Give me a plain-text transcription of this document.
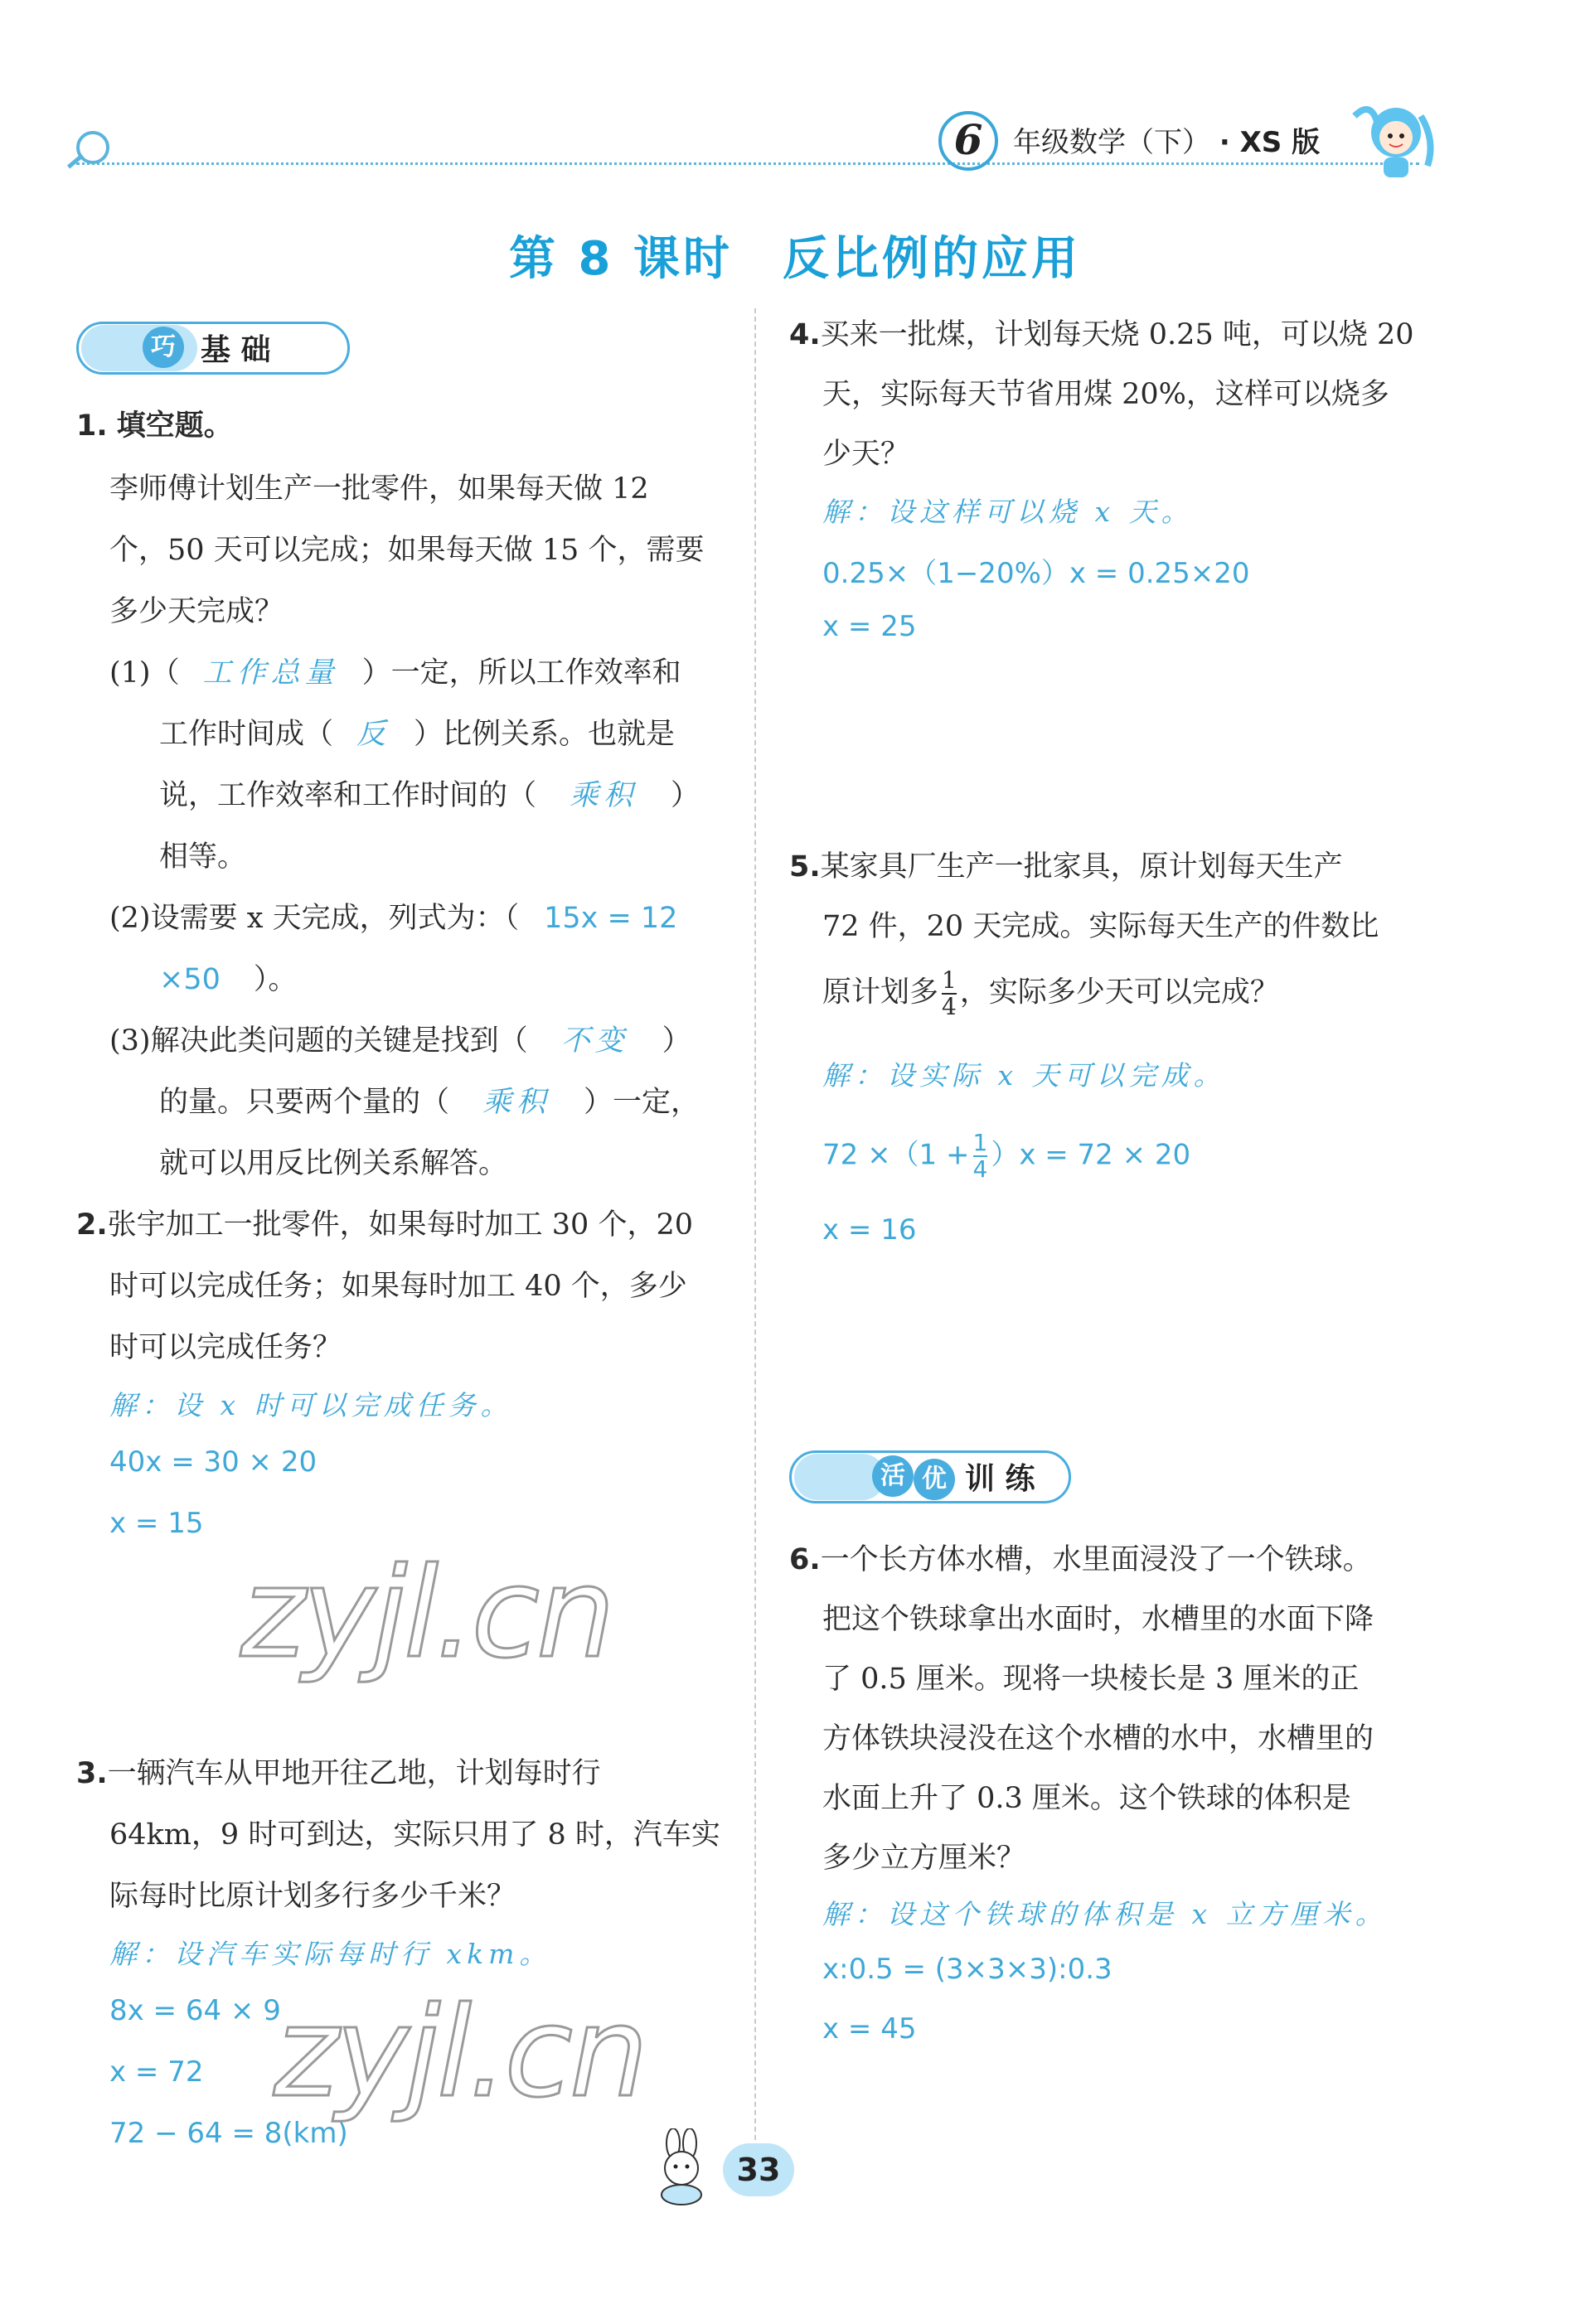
6	年级数学（下） · XS 版
第 8 课时　反比例的应用
巧 基 础
1. 填空题。
李师傅计划生产一批零件，如果每天做 12
个，50 天可以完成；如果每天做 15 个，需要
多少天完成？
(1)（ 工作总量 ）一定，所以工作效率和
工作时间成（ 反 ）比例关系。也就是
说，工作效率和工作时间的（ 乘积 ）
相等。
(2)设需要 x 天完成，列式为：（ 15x = 12
×50 ）。
(3)解决此类问题的关键是找到（ 不变 ）
的量。只要两个量的（ 乘积 ）一定，
就可以用反比例关系解答。
2.张宇加工一批零件，如果每时加工 30 个，20
时可以完成任务；如果每时加工 40 个，多少
时可以完成任务？
解：设 x 时可以完成任务。
40x = 30 × 20
x = 15
zyjl.cn
3.一辆汽车从甲地开往乙地，计划每时行
64km，9 时可到达，实际只用了 8 时，汽车实
际每时比原计划多行多少千米？
解：设汽车实际每时行 xkm。
8x = 64 × 9
x = 72
72 − 64 = 8(km)
zyjl.cn
4.买来一批煤，计划每天烧 0.25 吨，可以烧 20
天，实际每天节省用煤 20%，这样可以烧多
少天？
解：设这样可以烧 x 天。
0.25×（1−20%）x = 0.25×20
x = 25
5.某家具厂生产一批家具，原计划每天生产
72 件，20 天完成。实际每天生产的件数比
原计划多 $\frac{1}{4}$ ，实际多少天可以完成？
解：设实际 x 天可以完成。
$72 \times(1 + \frac{1}{4} )x = 72 \times 20$
x = 16
活 优 训 练
6.一个长方体水槽，水里面浸没了一个铁球。
把这个铁球拿出水面时，水槽里的水面下降
了 0.5 厘米。现将一块棱长是 3 厘米的正
方体铁块浸没在这个水槽的水中，水槽里的
水面上升了 0.3 厘米。这个铁球的体积是
多少立方厘米？
解：设这个铁球的体积是 x 立方厘米。
x:0.5 = (3×3×3):0.3
x = 45
33
